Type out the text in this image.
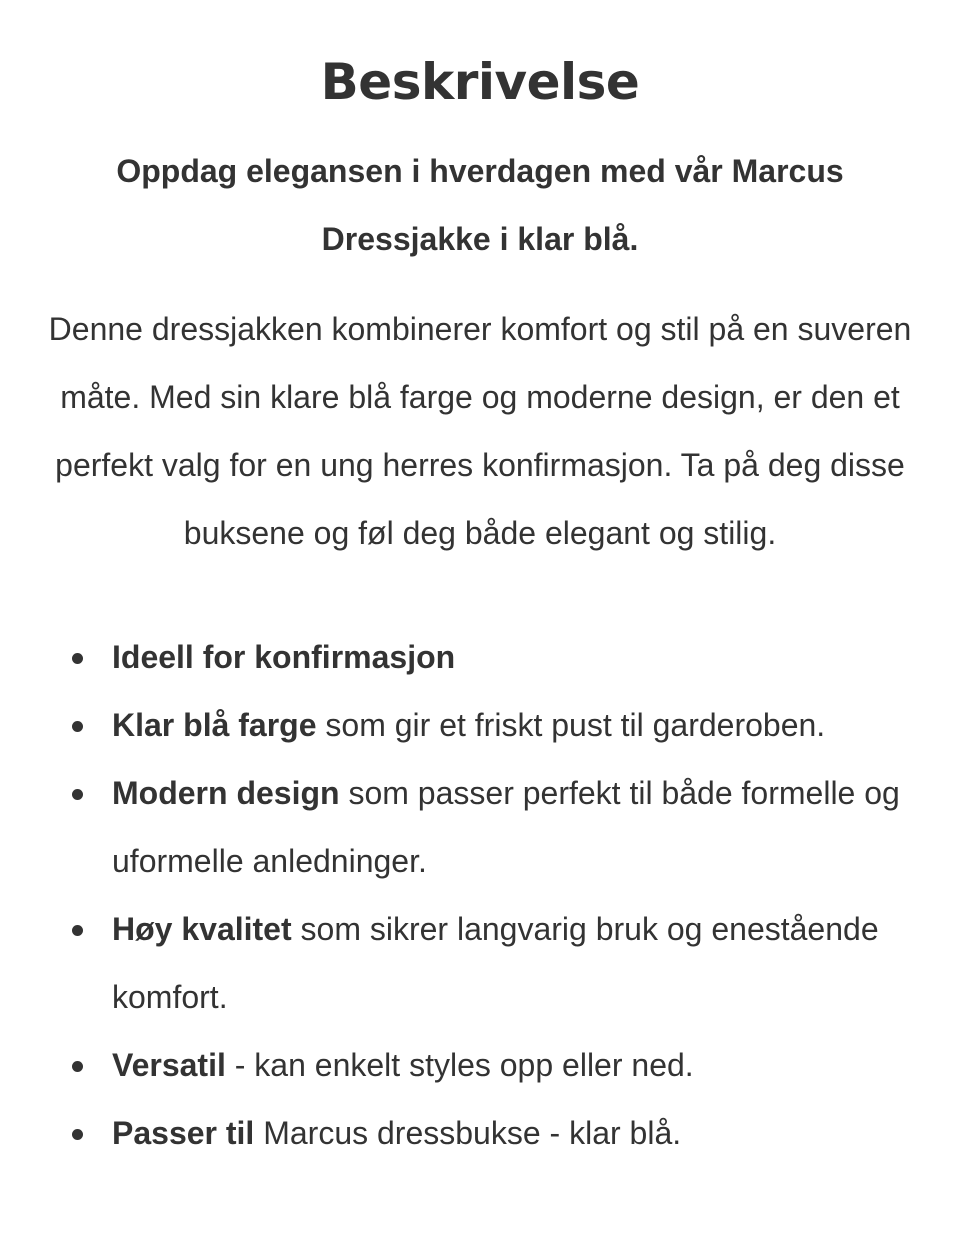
Beskrivelse

Oppdag elegansen i hverdagen med vår Marcus Dressjakke i klar blå.

Denne dressjakken kombinerer komfort og stil på en suveren måte. Med sin klare blå farge og moderne design, er den et perfekt valg for en ung herres konfirmasjon. Ta på deg disse buksene og føl deg både elegant og stilig.

Ideell for konfirmasjon
Klar blå farge som gir et friskt pust til garderoben.
Modern design som passer perfekt til både formelle og uformelle anledninger.
Høy kvalitet som sikrer langvarig bruk og enestående komfort.
Versatil - kan enkelt styles opp eller ned.
Passer til Marcus dressbukse - klar blå.
